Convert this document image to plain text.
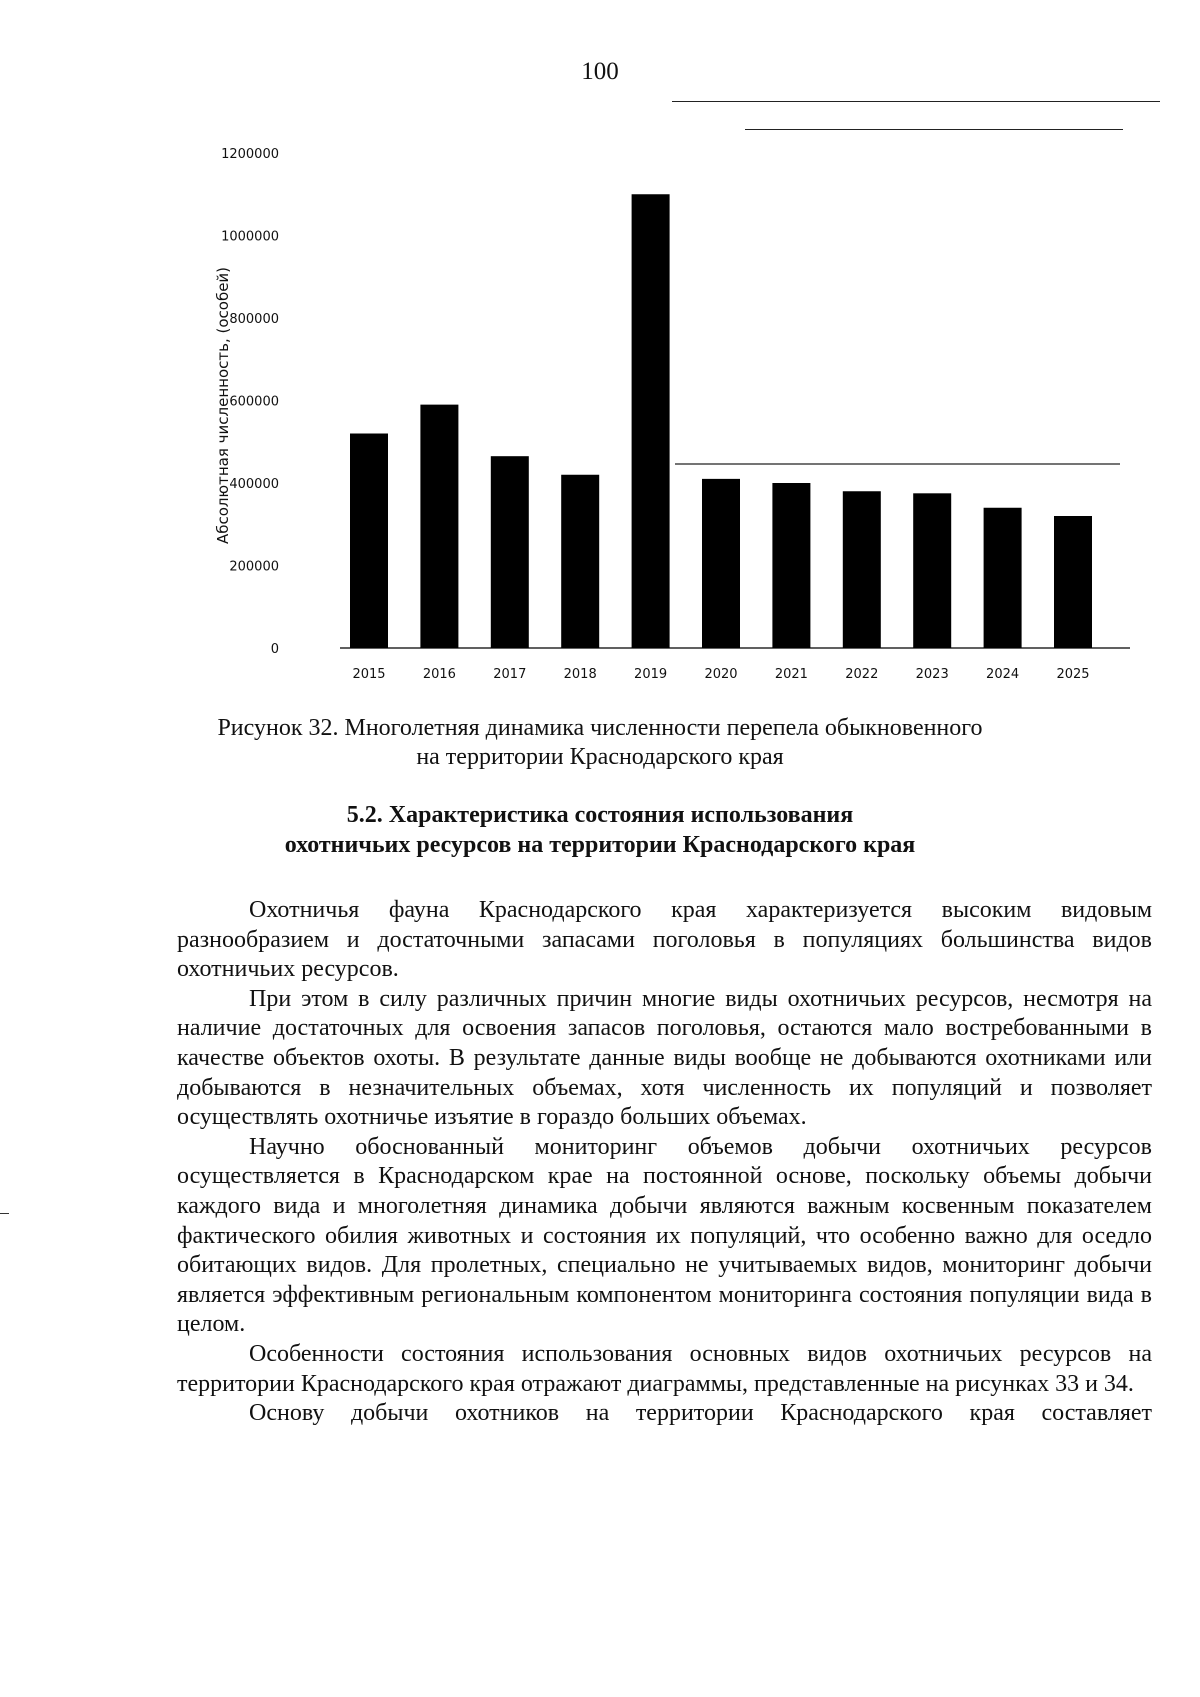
100
Абсолютная численность, (особей)
0
200000
400000
600000
800000
1000000
1200000
2015	2016	2017	2018	2019	2020	2021	2022	2023	2024	2025
Рисунок 32. Многолетняя динамика численности перепела обыкновенного
на территории Краснодарского края
5.2. Характеристика состояния использования
охотничьих ресурсов на территории Краснодарского края

Охотничья фауна Краснодарского края характеризуется высоким видовым разнообразием и достаточными запасами поголовья в популяциях большинства видов охотничьих ресурсов.

При этом в силу различных причин многие виды охотничьих ресурсов, несмотря на наличие достаточных для освоения запасов поголовья, остаются мало востребованными в качестве объектов охоты. В результате данные виды вообще не добываются охотниками или добываются в незначительных объемах, хотя численность их популяций и позволяет осуществлять охотничье изъятие в гораздо больших объемах.

Научно обоснованный мониторинг объемов добычи охотничьих ресурсов осуществляется в Краснодарском крае на постоянной основе, поскольку объемы добычи каждого вида и многолетняя динамика добычи являются важным косвенным показателем фактического обилия животных и состояния их популяций, что особенно важно для оседло обитающих видов. Для пролетных, специально не учитываемых видов, мониторинг добычи является эффективным региональным компонентом мониторинга состояния популяции вида в целом.

Особенности состояния использования основных видов охотничьих ресурсов на территории Краснодарского края отражают диаграммы, представленные на рисунках 33 и 34.

Основу добычи охотников на территории Краснодарского края составляет
